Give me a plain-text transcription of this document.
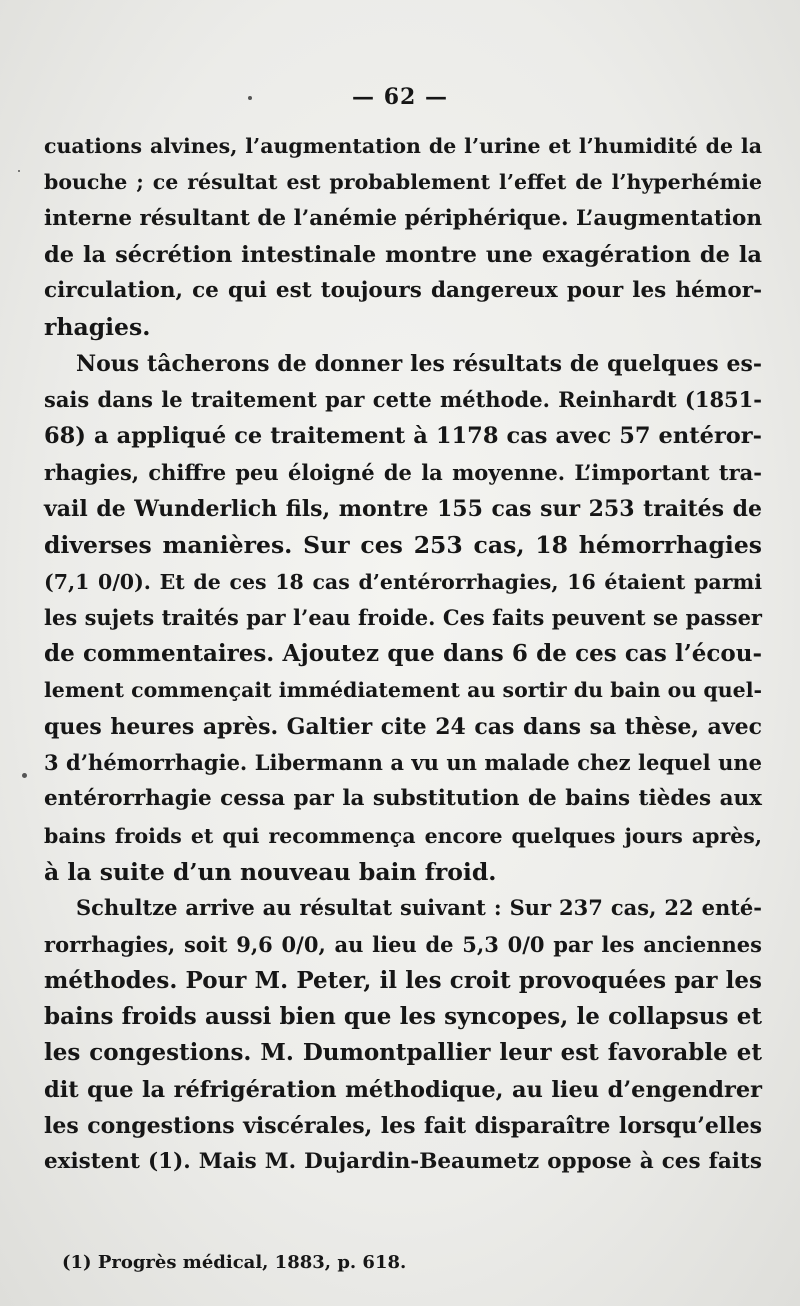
— 62 —
cuations alvines, l’augmentation de l’urine et l’humidité de la
bouche ; ce résultat est probablement l’effet de l’hyperhémie
interne résultant de l’anémie périphérique. L’augmentation
de la sécrétion intestinale montre une exagération de la
circulation, ce qui est toujours dangereux pour les hémor-
rhagies.
Nous tâcherons de donner les résultats de quelques es-
sais dans le traitement par cette méthode. Reinhardt (1851-
68) a appliqué ce traitement à 1178 cas avec 57 entéror-
rhagies, chiffre peu éloigné de la moyenne. L’important tra-
vail de Wunderlich fils, montre 155 cas sur 253 traités de
diverses manières. Sur ces 253 cas, 18 hémorrhagies
(7,1 0/0). Et de ces 18 cas d’entérorrhagies, 16 étaient parmi
les sujets traités par l’eau froide. Ces faits peuvent se passer
de commentaires. Ajoutez que dans 6 de ces cas l’écou-
lement commençait immédiatement au sortir du bain ou quel-
ques heures après. Galtier cite 24 cas dans sa thèse, avec
3 d’hémorrhagie. Libermann a vu un malade chez lequel une
entérorrhagie cessa par la substitution de bains tièdes aux
bains froids et qui recommença encore quelques jours après,
à la suite d’un nouveau bain froid.
Schultze arrive au résultat suivant : Sur 237 cas, 22 enté-
rorrhagies, soit 9,6 0/0, au lieu de 5,3 0/0 par les anciennes
méthodes. Pour M. Peter, il les croit provoquées par les
bains froids aussi bien que les syncopes, le collapsus et
les congestions. M. Dumontpallier leur est favorable et
dit que la réfrigération méthodique, au lieu d’engendrer
les congestions viscérales, les fait disparaître lorsqu’elles
existent (1). Mais M. Dujardin-Beaumetz oppose à ces faits
(1) Progrès médical, 1883, p. 618.
